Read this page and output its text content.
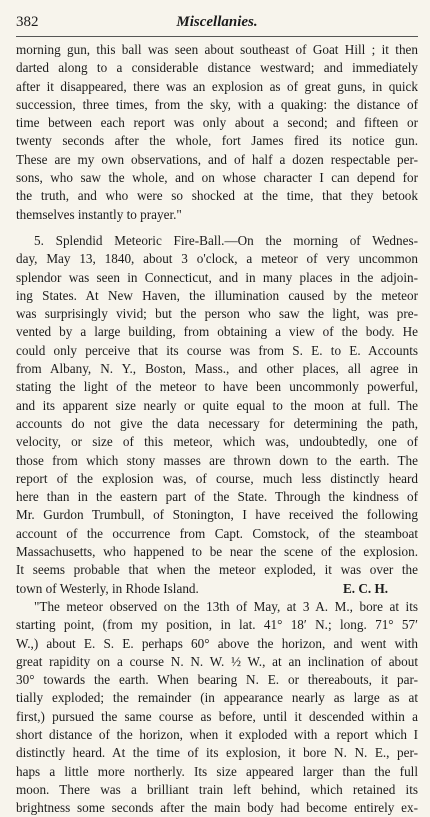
382	Miscellanies.
morning gun, this ball was seen about southeast of Goat Hill ; it then
darted along to a considerable distance westward; and immediately
after it disappeared, there was an explosion as of great guns, in quick
succession, three times, from the sky, with a quaking: the distance of
time between each report was only about a second; and fifteen or
twenty seconds after the whole, fort James fired its notice gun.
These are my own observations, and of half a dozen respectable per-
sons, who saw the whole, and on whose character I can depend for
the truth, and who were so shocked at the time, that they betook
themselves instantly to prayer."
5. Splendid Meteoric Fire-Ball.—On the morning of Wednes-
day, May 13, 1840, about 3 o'clock, a meteor of very uncommon
splendor was seen in Connecticut, and in many places in the adjoin-
ing States. At New Haven, the illumination caused by the meteor
was surprisingly vivid; but the person who saw the light, was pre-
vented by a large building, from obtaining a view of the body. He
could only perceive that its course was from S. E. to E. Accounts
from Albany, N. Y., Boston, Mass., and other places, all agree in
stating the light of the meteor to have been uncommonly powerful,
and its apparent size nearly or quite equal to the moon at full. The
accounts do not give the data necessary for determining the path,
velocity, or size of this meteor, which was, undoubtedly, one of
those from which stony masses are thrown down to the earth. The
report of the explosion was, of course, much less distinctly heard
here than in the eastern part of the State. Through the kindness of
Mr. Gurdon Trumbull, of Stonington, I have received the following
account of the occurrence from Capt. Comstock, of the steamboat
Massachusetts, who happened to be near the scene of the explosion.
It seems probable that when the meteor exploded, it was over the
town of Westerly, in Rhode Island.	E. C. H.
"The meteor observed on the 13th of May, at 3 A. M., bore at its
starting point, (from my position, in lat. 41° 18′ N.; long. 71° 57′
W.,) about E. S. E. perhaps 60° above the horizon, and went with
great rapidity on a course N. N. W. ½ W., at an inclination of about
30° towards the earth. When bearing N. E. or thereabouts, it par-
tially exploded; the remainder (in appearance nearly as large as at
first,) pursued the same course as before, until it descended within a
short distance of the horizon, when it exploded with a report which I
distinctly heard. At the time of its explosion, it bore N. N. E., per-
haps a little more northerly. Its size appeared larger than the full
moon. There was a brilliant train left behind, which retained its
brightness some seconds after the main body had become entirely ex-
